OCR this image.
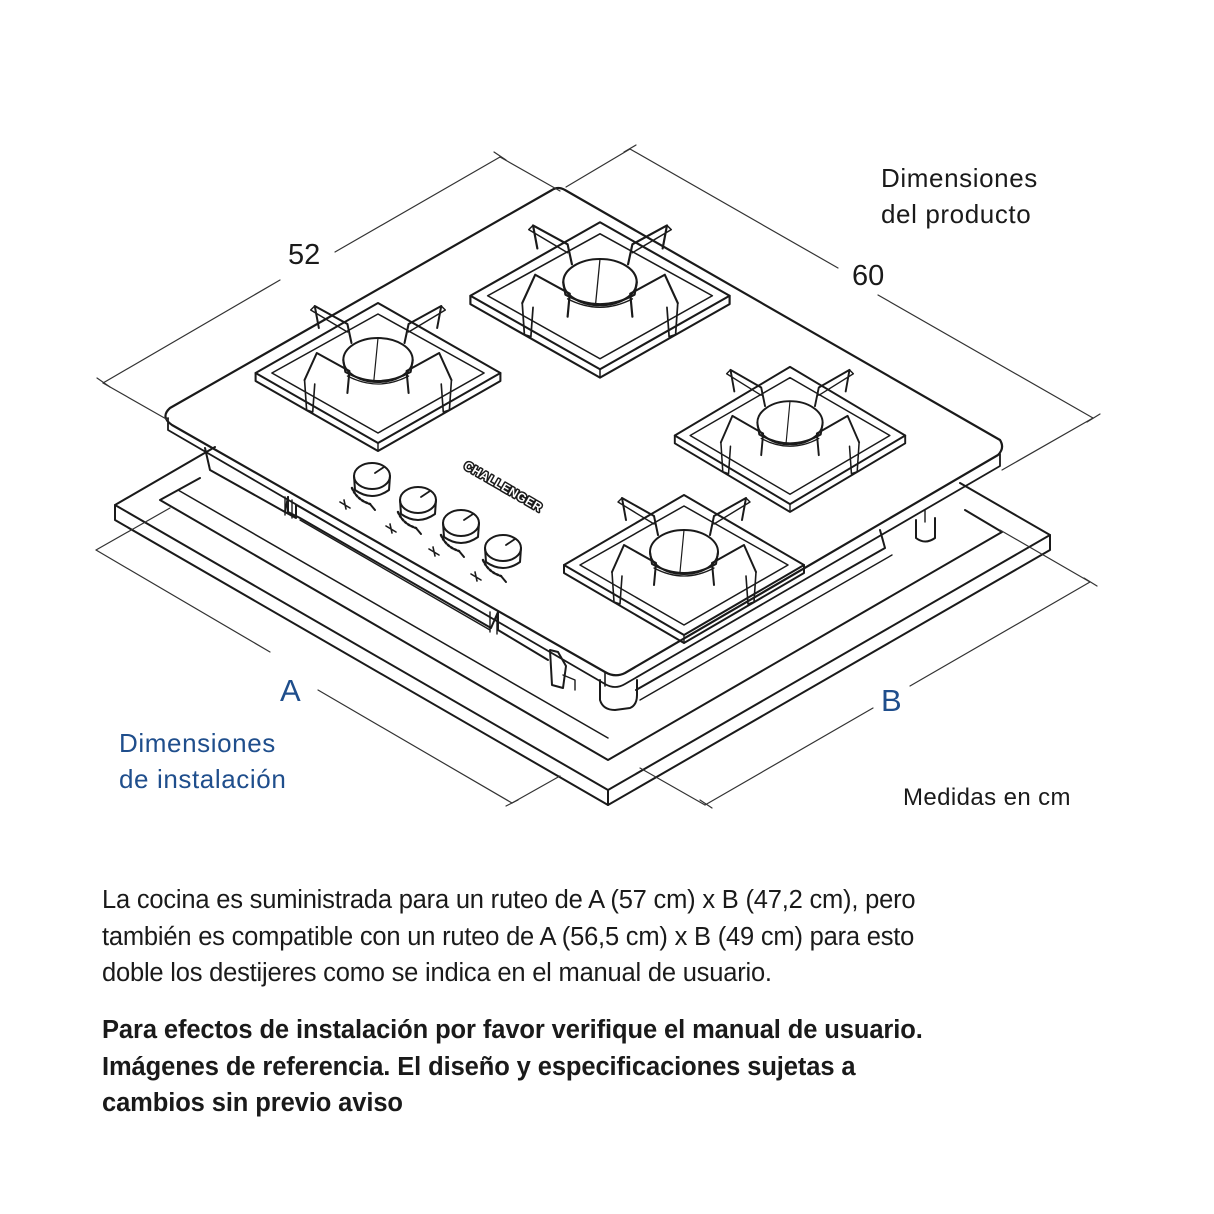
CHALLENGER
Dimensiones
del producto
52
60
A	B
Dimensiones
de instalación
Medidas en cm
La cocina es suministrada para un ruteo de A (57 cm) x B (47,2 cm), pero
también es compatible con un ruteo de A (56,5 cm) x B (49 cm) para esto
doble los destijeres como se indica en el manual de usuario.
Para efectos de instalación por favor verifique el manual de usuario.
Imágenes de referencia. El diseño y especificaciones sujetas a
cambios sin previo aviso
